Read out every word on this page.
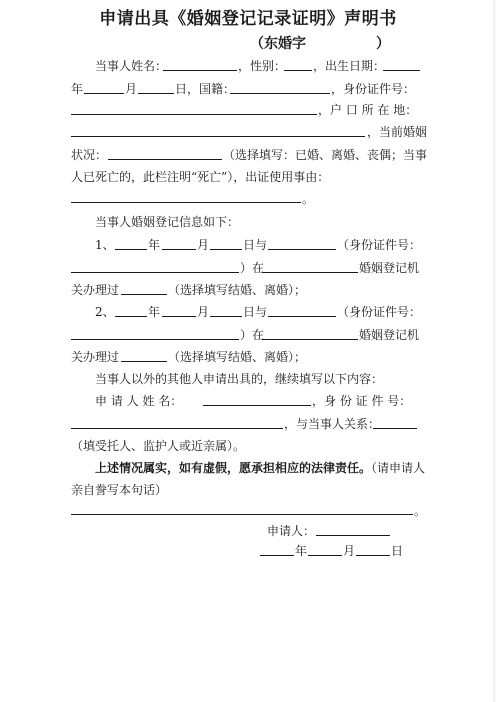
申请出具《婚姻登记记录证明》声明书
（东婚字　　　　　）
当事人姓名：	，性别： ，出生日期：
年	月	日，国籍：	，身份证件号：
，户 口 所 在 地：
，当前婚姻
状况：	（选择填写：已婚、离婚、丧偶；当事
人已死亡的，此栏注明“死亡”），出证使用事由：
。
当事人婚姻登记信息如下：
1、	年	月	日与	（身份证件号：
）在	婚姻登记机
关办理过	（选择填写结婚、离婚）；
2、	年	月	日与	（身份证件号：
）在	婚姻登记机
关办理过	（选择填写结婚、离婚）；
当事人以外的其他人申请出具的，继续填写以下内容：
申 请 人 姓 名：	，身 份 证 件 号：
，与当事人关系：
（填受托人、监护人或近亲属）。
上述情况属实，如有虚假，愿承担相应的法律责任。（请申请人
亲自誊写本句话）
。
申请人：
年	月	日
